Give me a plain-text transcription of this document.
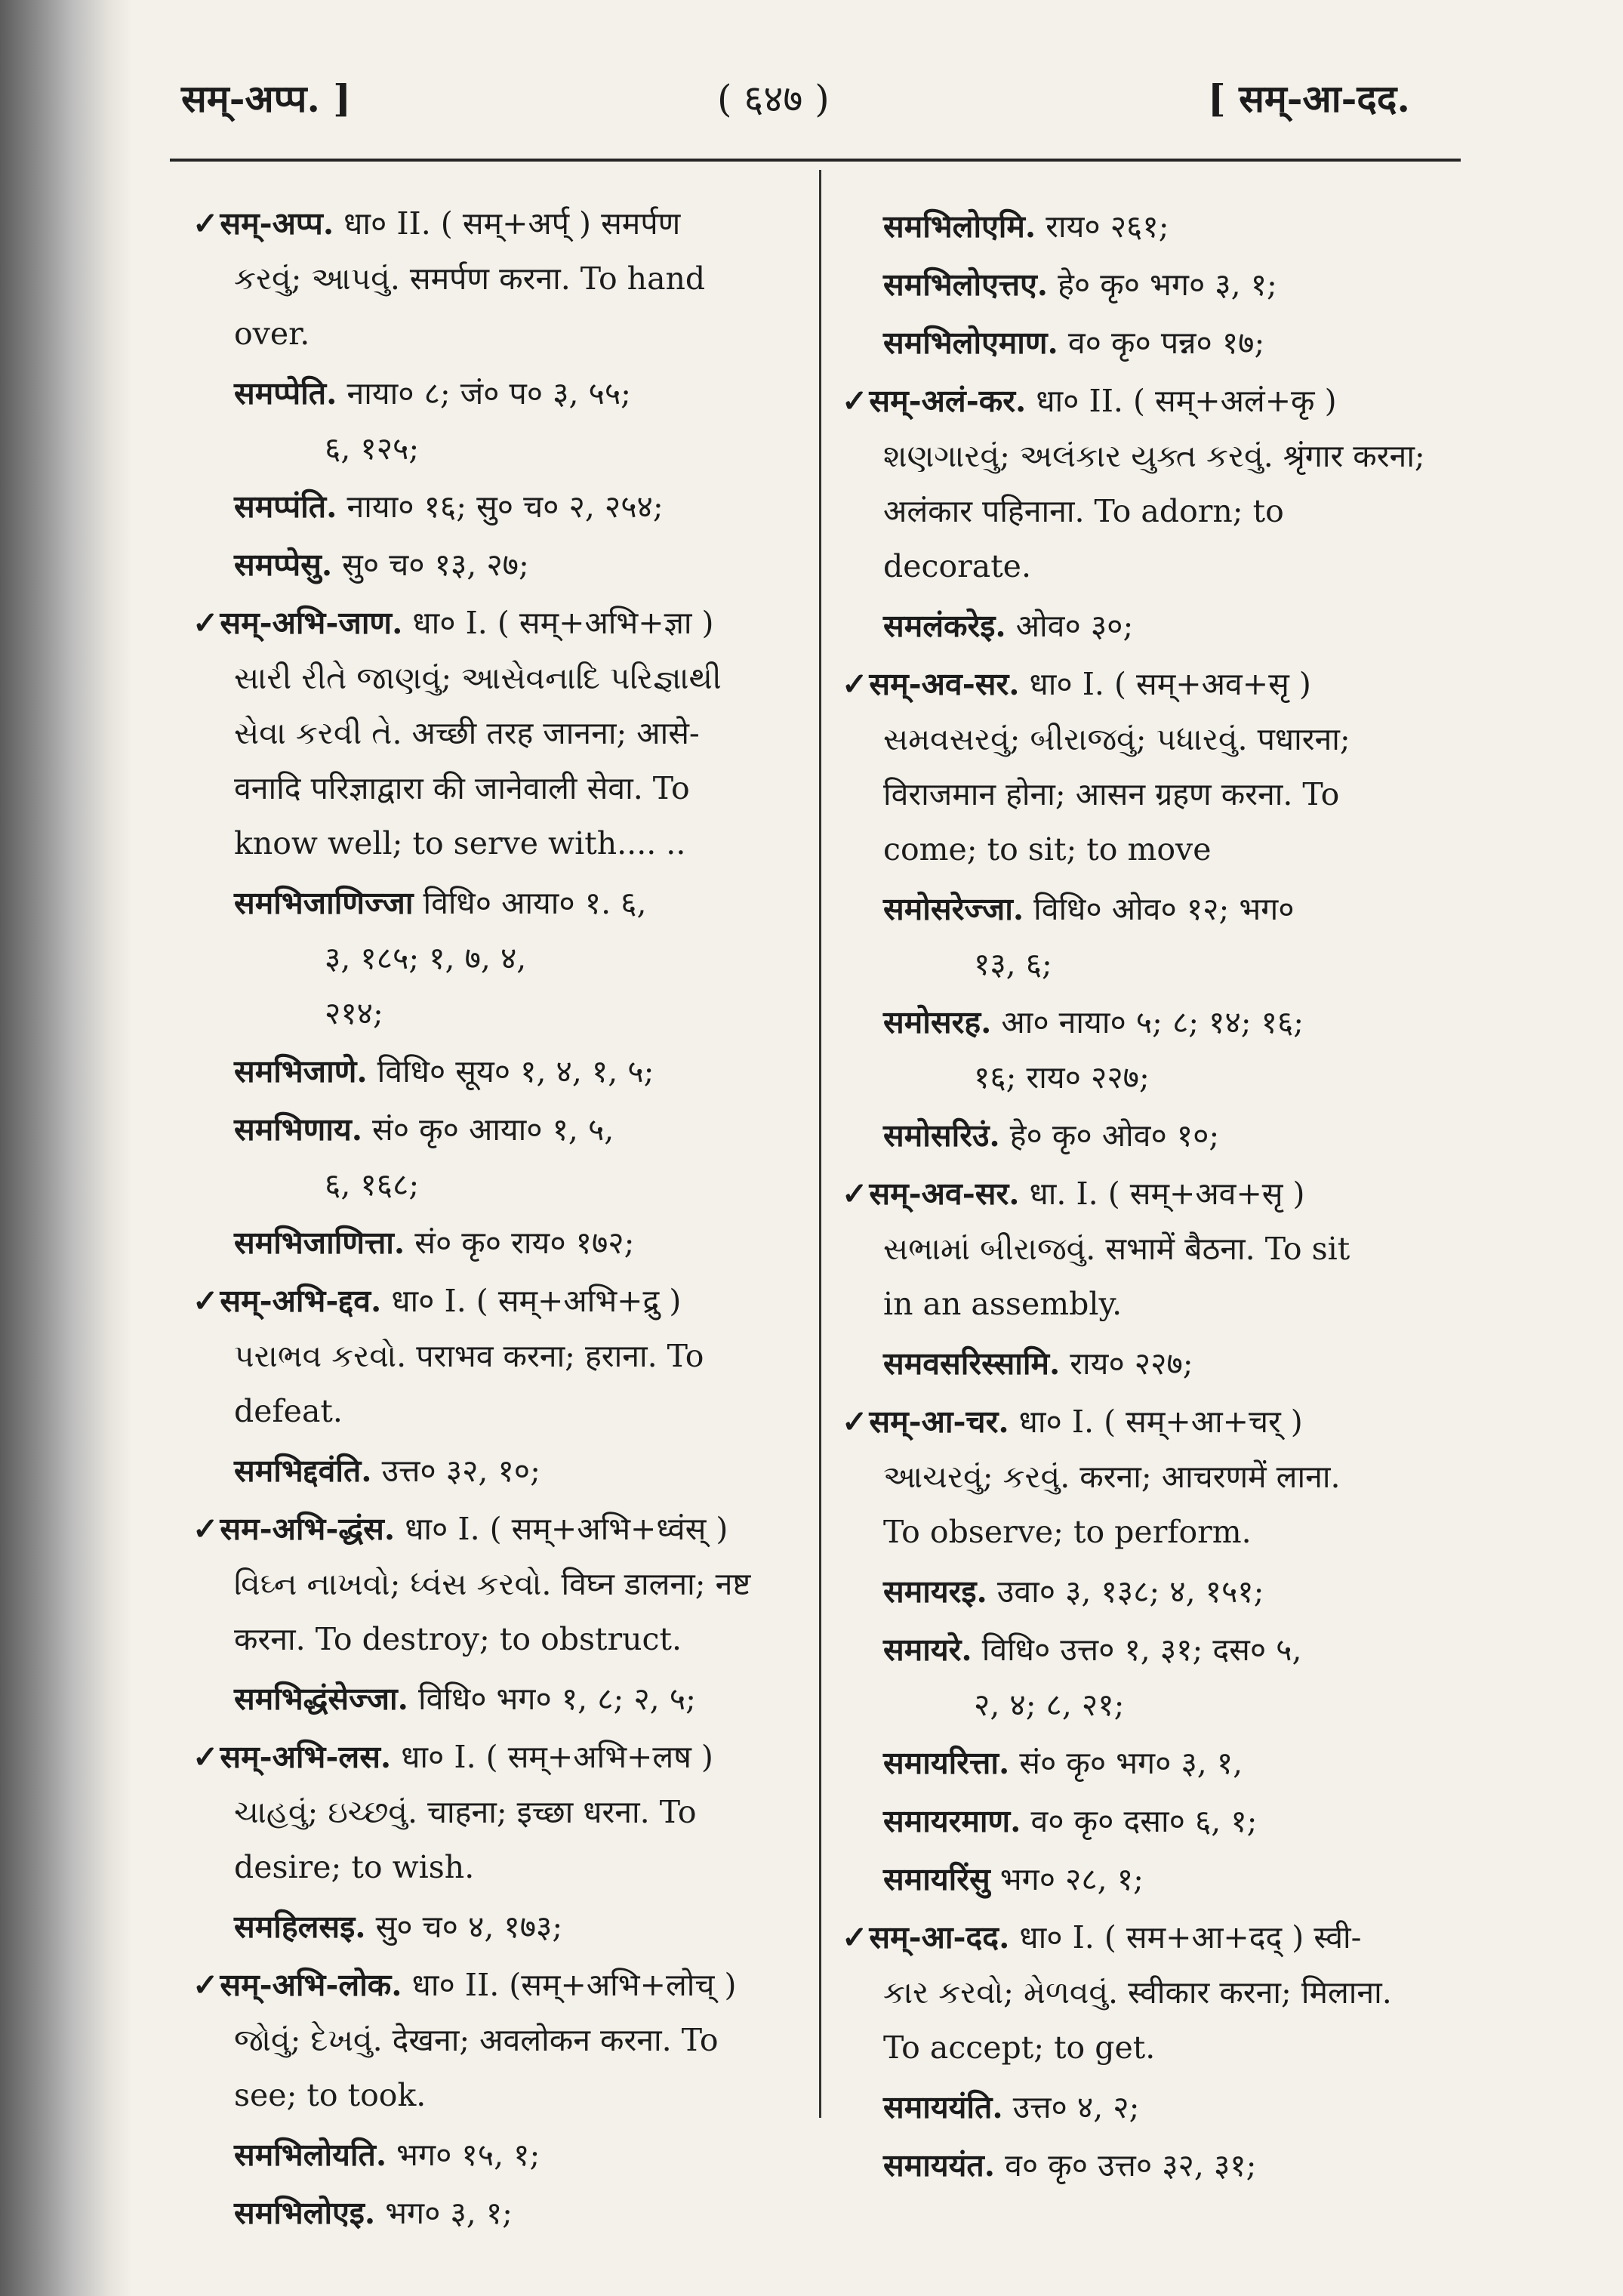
सम्-अप्प. ]	( ६४७ )	[ सम्-आ-दद.

✓सम्-अप्प. धा० II. ( सम्+अर्प् ) समर्पण

કરવું; આપવું. समर्पण करना. To hand

over.

समप्पेति. नाया० ८; जं० प० ३, ५५;
६, १२५;
समप्पंति. नाया० १६; सु० च० २, २५४;
समप्पेसु. सु० च० १३, २७;

✓सम्-अभि-जाण. धा० I. ( सम्+अभि+ज्ञा )

સારી રીતે જાણવું; આસેવનાદિ પરિજ્ઞાથી

સેવા કરવી તે. अच्छी तरह जानना; आसे-

वनादि परिज्ञाद्वारा की जानेवाली सेवा. To

know well; to serve with.... ..

समभिजाणिज्जा विधि० आया० १. ६,
३, १८५; १, ७, ४,
२१४;
समभिजाणे. विधि० सूय० १, ४, १, ५;
समभिणाय. सं० कृ० आया० १, ५,
६, १६८;
समभिजाणित्ता. सं० कृ० राय० १७२;

✓सम्-अभि-द्दव. धा० I. ( सम्+अभि+द्रु )

પરાભવ કરવો. पराभव करना; हराना. To

defeat.

समभिद्दवंति. उत्त० ३२, १०;

✓सम-अभि-द्धंस. धा० I. ( सम्+अभि+ध्वंस् )

વિઘ્ન નાખવો; ધ્વંસ કરવો. विघ्न डालना; नष्ट

करना. To destroy; to obstruct.

समभिद्धंसेज्जा. विधि० भग० १, ८; २, ५;

✓सम्-अभि-लस. धा० I. ( सम्+अभि+लष )

ચાહવું; ઇચ્છવું. चाहना; इच्छा धरना. To

desire; to wish.

समहिलसइ. सु० च० ४, १७३;

✓सम्-अभि-लोक. धा० II. (सम्+अभि+लोच् )

જોવું; દેખવું. देखना; अवलोकन करना. To

see; to took.

समभिलोयति. भग० १५, १;
समभिलोएइ. भग० ३, १;
समभिलोएमि. राय० २६१;
समभिलोएत्तए. हे० कृ० भग० ३, १;
समभिलोएमाण. व० कृ० पन्न० १७;

✓सम्-अलं-कर. धा० II. ( सम्+अलं+कृ )

શણગારવું; અલંકાર યુક્ત કરવું. श्रृंगार करना;

अलंकार पहिनाना. To adorn; to

decorate.

समलंकरेइ. ओव० ३०;

✓सम्-अव-सर. धा० I. ( सम्+अव+सृ )

સમવસરવું; બીરાજવું; પધારવું. पधारना;

विराजमान होना; आसन ग्रहण करना. To

come; to sit; to move

समोसरेज्जा. विधि० ओव० १२; भग०
१३, ६;
समोसरह. आ० नाया० ५; ८; १४; १६;
१६; राय० २२७;
समोसरिउं. हे० कृ० ओव० १०;

✓सम्-अव-सर. धा. I. ( सम्+अव+सृ )

સભામાં બીરાજવું. सभामें बैठना. To sit

in an assembly.

समवसरिस्सामि. राय० २२७;

✓सम्-आ-चर. धा० I. ( सम्+आ+चर् )

આચરવું; કરવું. करना; आचरणमें लाना.

To observe; to perform.

समायरइ. उवा० ३, १३८; ४, १५१;
समायरे. विधि० उत्त० १, ३१; दस० ५,
२, ४; ८, २१;
समायरित्ता. सं० कृ० भग० ३, १,
समायरमाण. व० कृ० दसा० ६, १;
समायरिंसु भग० २८, १;

✓सम्-आ-दद. धा० I. ( सम+आ+दद् ) स्वी-

કાર કરવો; મેળવવું. स्वीकार करना; मिलाना.

To accept; to get.

समाययंति. उत्त० ४, २;
समाययंत. व० कृ० उत्त० ३२, ३१;
